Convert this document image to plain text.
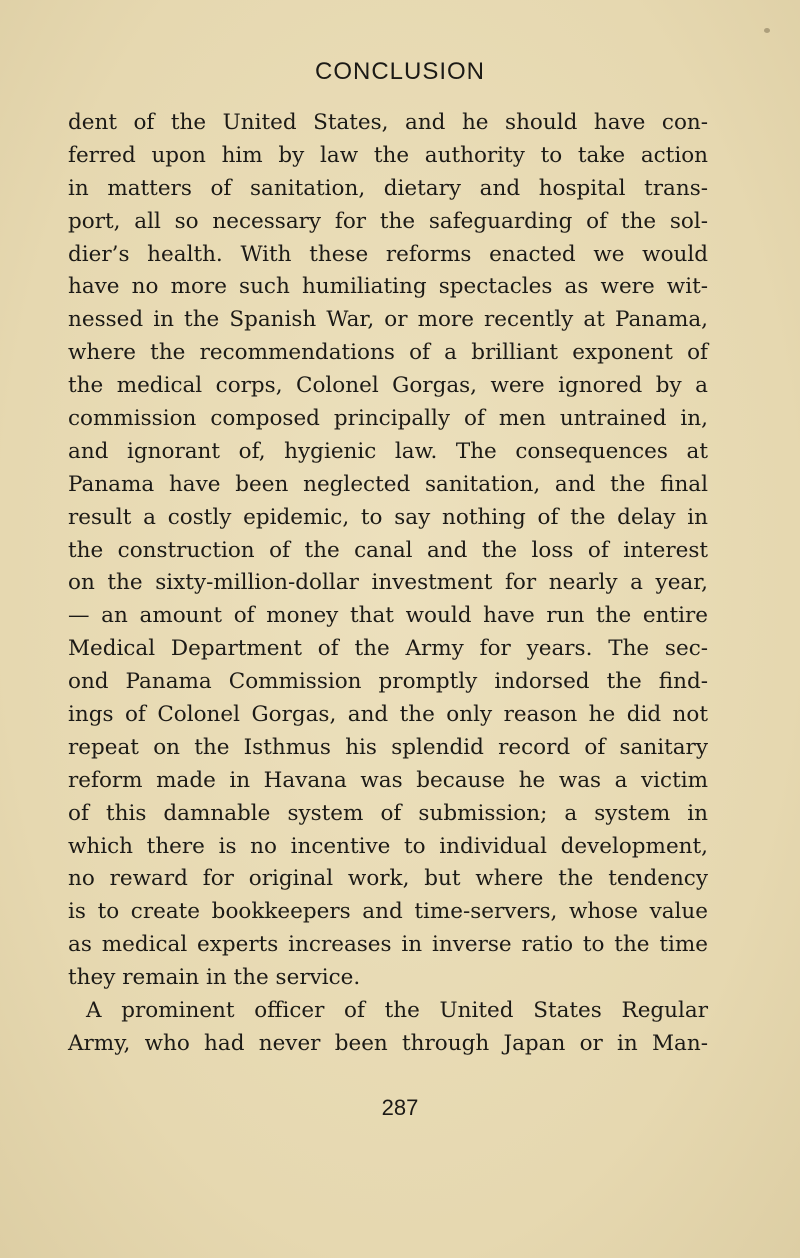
CONCLUSION
dent of the United States, and he should have con-
ferred upon him by law the authority to take action
in matters of sanitation, dietary and hospital trans-
port, all so necessary for the safeguarding of the sol-
dier’s health. With these reforms enacted we would
have no more such humiliating spectacles as were wit-
nessed in the Spanish War, or more recently at Panama,
where the recommendations of a brilliant exponent of
the medical corps, Colonel Gorgas, were ignored by a
commission composed principally of men untrained in,
and ignorant of, hygienic law. The consequences at
Panama have been neglected sanitation, and the final
result a costly epidemic, to say nothing of the delay in
the construction of the canal and the loss of interest
on the sixty-million-dollar investment for nearly a year,
— an amount of money that would have run the entire
Medical Department of the Army for years. The sec-
ond Panama Commission promptly indorsed the find-
ings of Colonel Gorgas, and the only reason he did not
repeat on the Isthmus his splendid record of sanitary
reform made in Havana was because he was a victim
of this damnable system of submission; a system in
which there is no incentive to individual development,
no reward for original work, but where the tendency
is to create bookkeepers and time-servers, whose value
as medical experts increases in inverse ratio to the time
they remain in the service.
A prominent officer of the United States Regular
Army, who had never been through Japan or in Man-
287
